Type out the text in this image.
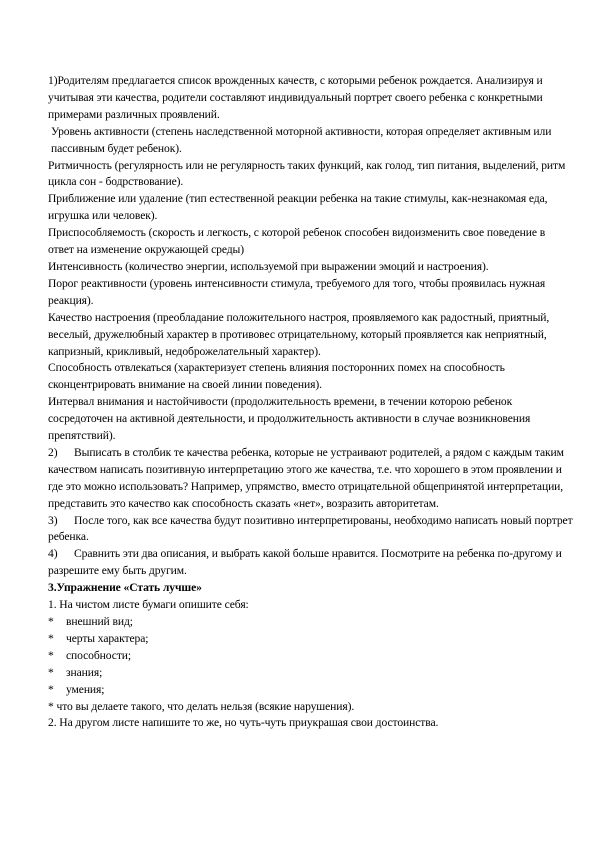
1)Родителям предлагается список врожденных качеств, с которыми ребенок рождается. Анализируя и учитывая эти качества, родители составляют индивидуальный портрет своего ребенка с конкретными примерами различных проявлений.

Уровень активности (степень наследственной моторной активности, которая определяет активным или пассивным будет ребенок).

Ритмичность (регулярность или не регулярность таких функций, как голод, тип питания, выделений, ритм цикла сон - бодрствование).

Приближение или удаление (тип естественной реакции ребенка на такие стимулы, как-незнакомая еда, игрушка или человек).

Приспособляемость (скорость и легкость, с которой ребенок способен видоизменить свое поведение в ответ на изменение окружающей среды)

Интенсивность (количество энергии, используемой при выражении эмоций и настроения).

Порог реактивности (уровень интенсивности стимула, требуемого для того, чтобы проявилась нужная реакция).

Качество настроения (преобладание положительного настроя, проявляемого как радостный, приятный, веселый, дружелюбный характер в противовес отрицательному, который проявляется как неприятный, капризный, крикливый, недоброжелательный характер).

Способность отвлекаться (характеризует степень влияния посторонних помех на способность сконцентрировать внимание на своей линии поведения).

Интервал внимания и настойчивости (продолжительность времени, в течении которою ребенок сосредоточен на активной деятельности, и продолжительность активности в случае возникновения препятствий).

2) Выписать в столбик те качества ребенка, которые не устраивают родителей, а рядом с каждым таким качеством написать позитивную интерпретацию этого же качества, т.е. что хорошего в этом проявлении и где это можно использовать? Например, упрямство, вместо отрицательной общепринятой интерпретации, представить это качество как способность сказать «нет», возразить авторитетам.
3) После того, как все качества будут позитивно интерпретированы, необходимо написать новый портрет ребенка.
4) Сравнить эти два описания, и выбрать какой больше нравится. Посмотрите на ребенка по-другому и разрешите ему быть другим.

3.Упражнение «Стать лучше»

1. На чистом листе бумаги опишите себя:

* внешний вид;
* черты характера;
* способности;
* знания;
* умения;

* что вы делаете такого, что делать нельзя (всякие нарушения).

2. На другом листе напишите то же, но чуть-чуть приукрашая свои достоинства.
